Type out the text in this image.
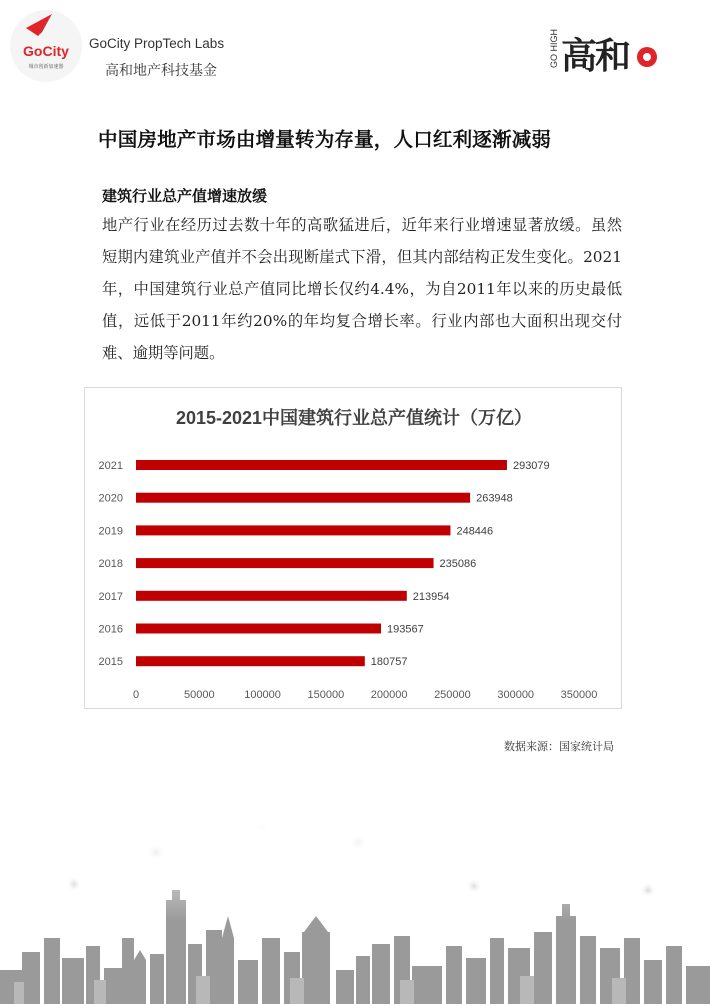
GoCity
城市创新加速器
GoCity PropTech Labs
高和地产科技基金
GO HIGH 高和
中国房地产市场由增量转为存量，人口红利逐渐减弱
建筑行业总产值增速放缓
地产行业在经历过去数十年的高歌猛进后，近年来行业增速显著放缓。虽然短期内建筑业产值并不会出现断崖式下滑，但其内部结构正发生变化。2021年，中国建筑行业总产值同比增长仅约4.4%，为自2011年以来的历史最低值，远低于2011年约20%的年均复合增长率。行业内部也大面积出现交付难、逾期等问题。
2015-2021中国建筑行业总产值统计（万亿）
2021	293079
2020	263948
2019	248446
2018	235086
2017	213954
2016	193567
2015	180757
0	50000	100000 150000 200000 250000 300000 350000
数据来源：国家统计局
